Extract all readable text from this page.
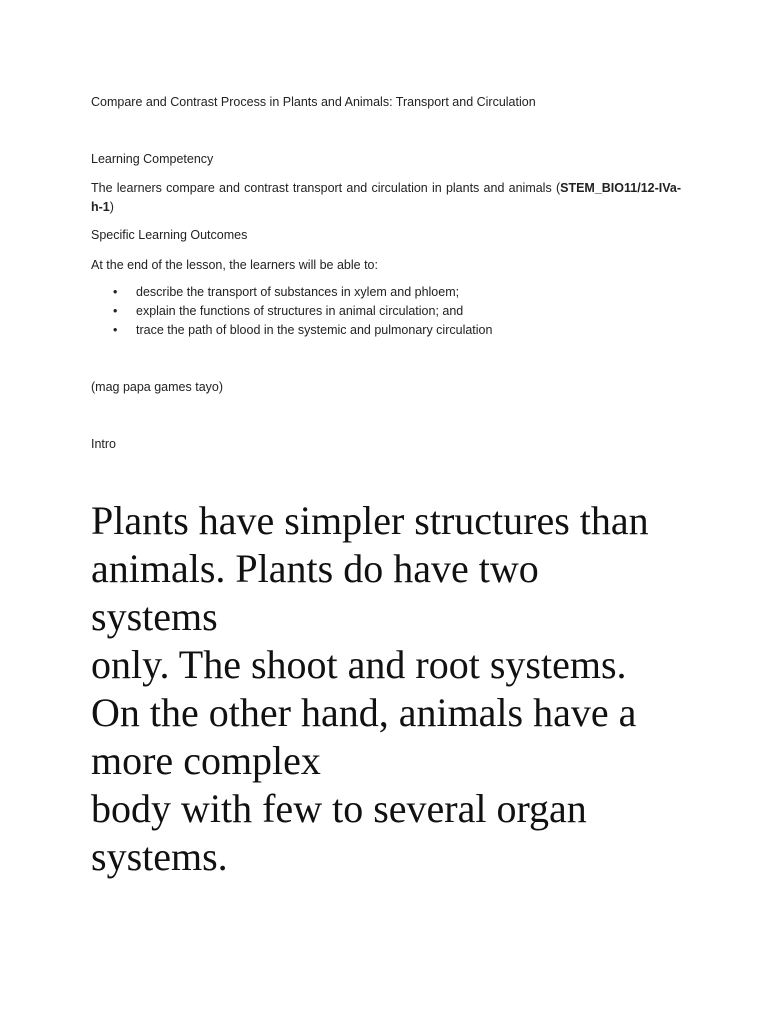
Compare and Contrast Process in Plants and Animals: Transport and Circulation

Learning Competency

The learners compare and contrast transport and circulation in plants and animals (STEM_BIO11/12-IVa-h-1)

Specific Learning Outcomes

At the end of the lesson, the learners will be able to:

• describe the transport of substances in xylem and phloem;
• explain the functions of structures in animal circulation; and
• trace the path of blood in the systemic and pulmonary circulation

(mag papa games tayo)

Intro

Plants have simpler structures than
animals. Plants do have two
systems
only. The shoot and root systems.
On the other hand, animals have a
more complex
body with few to several organ
systems.
